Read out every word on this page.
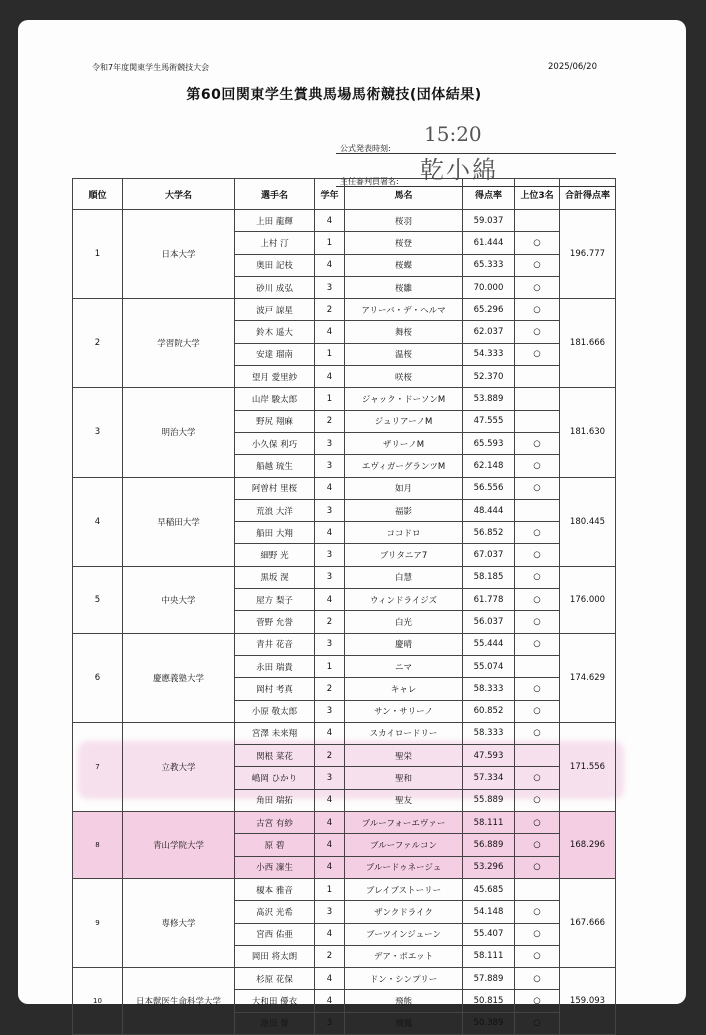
令和7年度関東学生馬術競技大会	2025/06/20
第60回関東学生賞典馬場馬術競技(団体結果)
公式発表時刻:
15:20
主任審判員署名: 乾小綿
順位	大学名	選手名	学年	馬名	得点率	上位3名	合計得点率
1	日本大学	上田 龍輝	4	桜羽	59.037		196.777
		上村 汀	1	桜登	61.444	○	
		奥田 記枝	4	桜蝶	65.333	○	
		砂川 成弘	3	桜雛	70.000	○	
2	学習院大学	波戸 諒星	2	アリーバ・デ・ヘルマ	65.296	○	181.666
		鈴木 遥大	4	舞桜	62.037	○	
		安達 瑠南	1	温桜	54.333	○	
		望月 愛里紗	4	咲桜	52.370		
3	明治大学	山岸 駿太郎	1	ジャック・ドーソンM	53.889		181.630
		野尻 翔麻	2	ジュリアーノM	47.555		
		小久保 利巧	3	ザリーノM	65.593	○	
		船越 琉生	3	エヴィガーグランツM	62.148	○	
4	早稲田大学	阿曽村 里桜	4	如月	56.556	○	180.445
		荒浪 大洋	3	福影	48.444		
		船田 大翔	4	ココドロ	56.852	○	
		細野 光	3	ブリタニア7	67.037	○	
5	中央大学	黒坂 滉	3	白慧	58.185	○	176.000
		屋方 梨子	4	ウィンドライジズ	61.778	○	
		菅野 允誉	2	白光	56.037	○	
6	慶應義塾大学	青井 花音	3	慶晴	55.444	○	174.629
		永田 瑞貴	1	ニマ	55.074		
		岡村 考真	2	キャレ	58.333	○	
		小原 敬太郎	3	サン・サリーノ	60.852	○	
7	立教大学	宮澤 未来翔	4	スカイロードリー	58.333	○	171.556
		関根 菜花	2	聖栄	47.593		
		嶋岡 ひかり	3	聖和	57.334	○	
		角田 瑞拓	4	聖友	55.889	○	
8	青山学院大学	古宮 有紗	4	ブルーフォーエヴァー	58.111	○	168.296
		原 碧	4	ブルーファルコン	56.889	○	
		小西 凜生	4	ブルードゥネージュ	53.296	○	
9	専修大学	榎本 雅音	1	ブレイブストーリー	45.685		167.666
		髙沢 光希	3	ザンクドライク	54.148	○	
		宮西 佑亜	4	ブーツインジューン	55.407	○	
		岡田 将太朗	2	デア・ポエット	58.111	○	
10	日本獣医生命科学大学	杉原 花保	4	ドン・シンプリー	57.889	○	159.093
		大和田 優衣	4	飛熊	50.815	○	
		池田 誉	3	飛鳳	50.389	○	
